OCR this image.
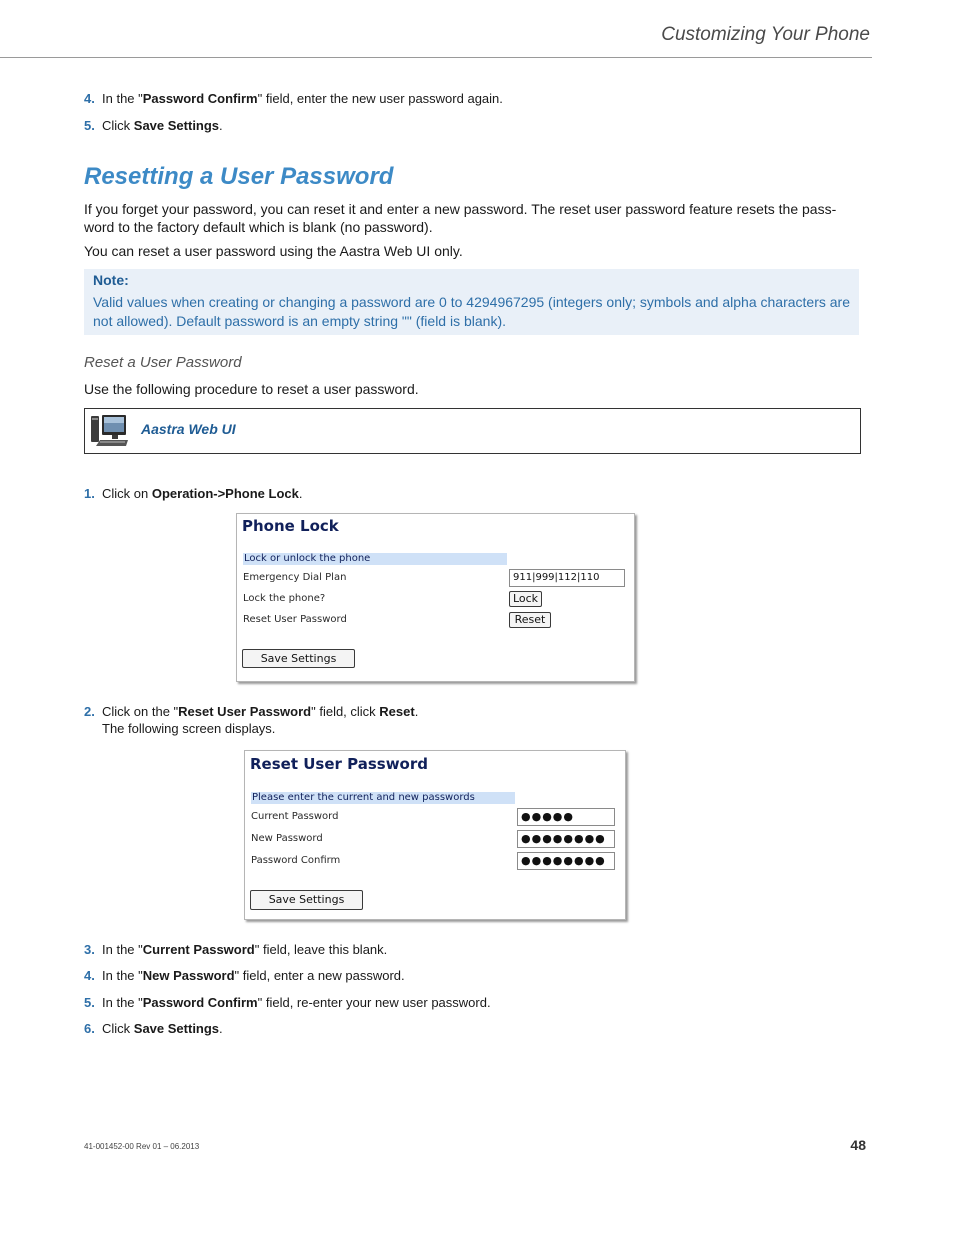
Customizing Your Phone
4. In the "Password Confirm" field, enter the new user password again.
5. Click Save Settings.
Resetting a User Password
If you forget your password, you can reset it and enter a new password. The reset user password feature resets the pass-word to the factory default which is blank (no password).
You can reset a user password using the Aastra Web UI only.
Note:
Valid values when creating or changing a password are 0 to 4294967295 (integers only; symbols and alpha characters are not allowed). Default password is an empty string "" (field is blank).
Reset a User Password
Use the following procedure to reset a user password.
Aastra Web UI
1. Click on Operation->Phone Lock.
Phone Lock
Lock or unlock the phone
Emergency Dial Plan	911|999|112|110
Lock the phone?	Lock
Reset User Password	Reset
Save Settings
2. Click on the "Reset User Password" field, click Reset.
The following screen displays.
Reset User Password
Please enter the current and new passwords
Current Password	●●●●●
New Password	●●●●●●●●
Password Confirm	●●●●●●●●
Save Settings
3. In the "Current Password" field, leave this blank.
4. In the "New Password" field, enter a new password.
5. In the "Password Confirm" field, re-enter your new user password.
6. Click Save Settings.
41-001452-00 Rev 01 – 06.2013	48
